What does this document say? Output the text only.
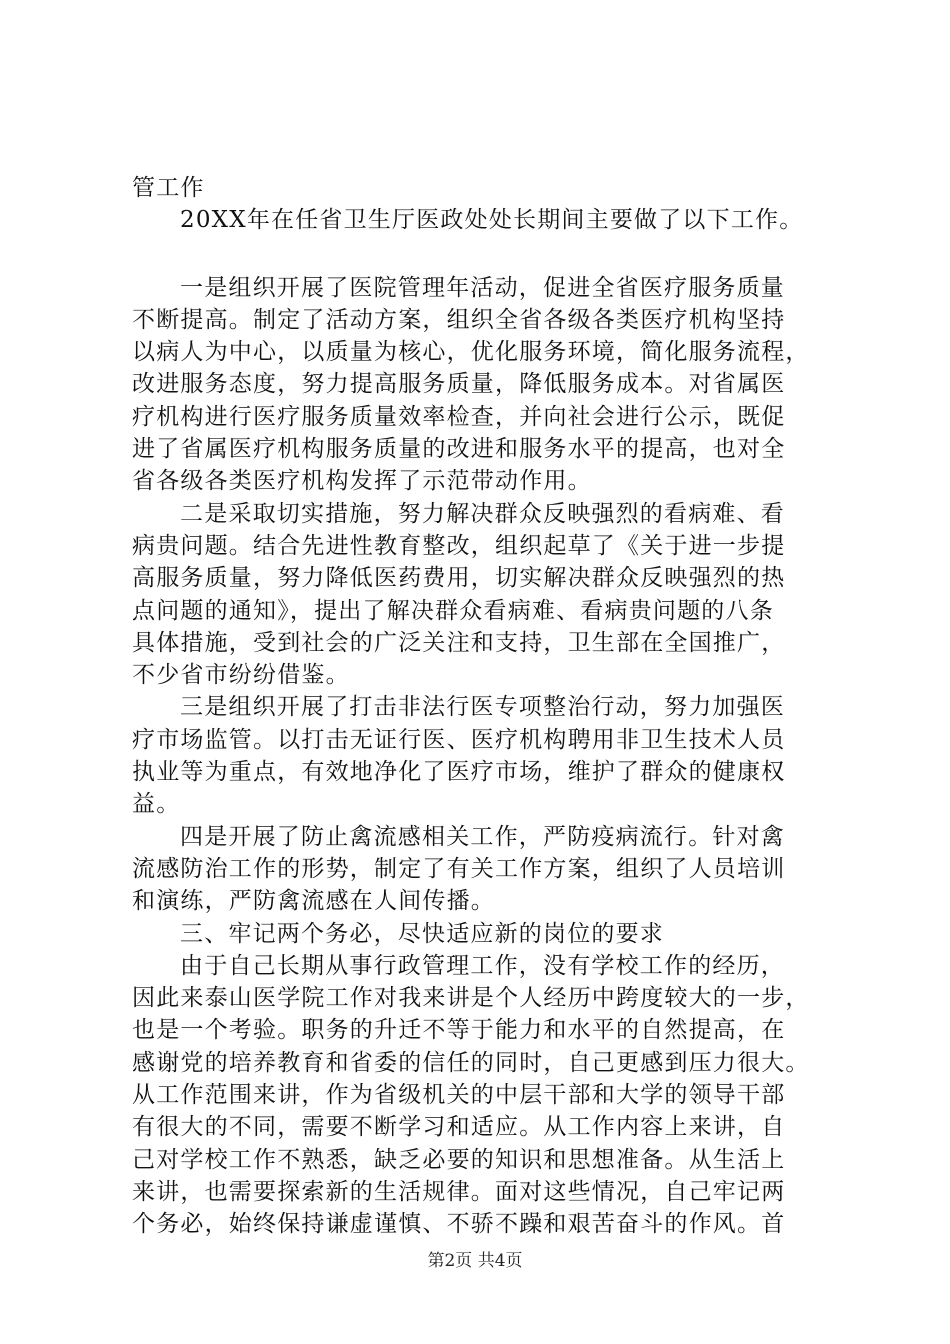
管工作
20XX年在任省卫生厅医政处处长期间主要做了以下工作。
一是组织开展了医院管理年活动，促进全省医疗服务质量
不断提高。制定了活动方案，组织全省各级各类医疗机构坚持
以病人为中心，以质量为核心，优化服务环境，简化服务流程，
改进服务态度，努力提高服务质量，降低服务成本。对省属医
疗机构进行医疗服务质量效率检查，并向社会进行公示，既促
进了省属医疗机构服务质量的改进和服务水平的提高，也对全
省各级各类医疗机构发挥了示范带动作用。
二是采取切实措施，努力解决群众反映强烈的看病难、看
病贵问题。结合先进性教育整改，组织起草了《关于进一步提
高服务质量，努力降低医药费用，切实解决群众反映强烈的热
点问题的通知》，提出了解决群众看病难、看病贵问题的八条
具体措施，受到社会的广泛关注和支持，卫生部在全国推广，
不少省市纷纷借鉴。
三是组织开展了打击非法行医专项整治行动，努力加强医
疗市场监管。以打击无证行医、医疗机构聘用非卫生技术人员
执业等为重点，有效地净化了医疗市场，维护了群众的健康权
益。
四是开展了防止禽流感相关工作，严防疫病流行。针对禽
流感防治工作的形势，制定了有关工作方案，组织了人员培训
和演练，严防禽流感在人间传播。
三、牢记两个务必，尽快适应新的岗位的要求
由于自己长期从事行政管理工作，没有学校工作的经历，
因此来泰山医学院工作对我来讲是个人经历中跨度较大的一步，
也是一个考验。职务的升迁不等于能力和水平的自然提高，在
感谢党的培养教育和省委的信任的同时，自己更感到压力很大。
从工作范围来讲，作为省级机关的中层干部和大学的领导干部
有很大的不同，需要不断学习和适应。从工作内容上来讲，自
己对学校工作不熟悉，缺乏必要的知识和思想准备。从生活上
来讲，也需要探索新的生活规律。面对这些情况，自己牢记两
个务必，始终保持谦虚谨慎、不骄不躁和艰苦奋斗的作风。首
第2页 共4页
